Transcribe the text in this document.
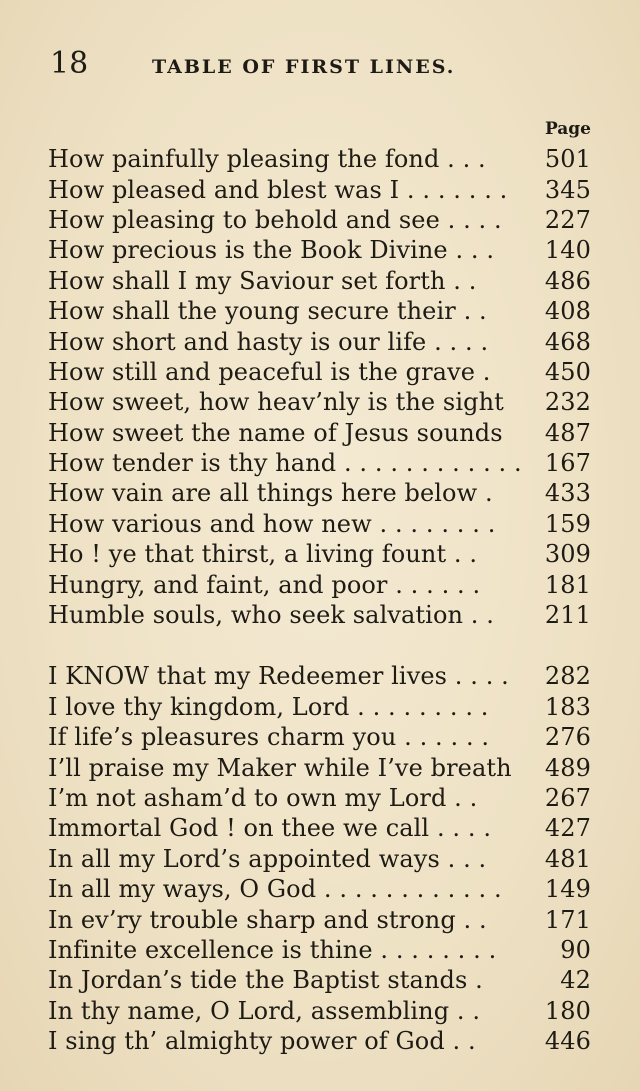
18	TABLE OF FIRST LINES.
Page
How painfully pleasing the fond . . .	501
How pleased and blest was I . . . . . . .	345
How pleasing to behold and see . . . .	227
How precious is the Book Divine . . .	140
How shall I my Saviour set forth . .	486
How shall the young secure their . .	408
How short and hasty is our life . . . .	468
How still and peaceful is the grave .	450
How sweet, how heav’nly is the sight	232
How sweet the name of Jesus sounds	487
How tender is thy hand . . . . . . . . . . . . 167
How vain are all things here below .	433
How various and how new . . . . . . . .	159
Ho ! ye that thirst, a living fount . .	309
Hungry, and faint, and poor . . . . . .	181
Humble souls, who seek salvation . .	211
I KNOW that my Redeemer lives . . . .	282
I love thy kingdom, Lord . . . . . . . . .	183
If life’s pleasures charm you . . . . . .	276
I’ll praise my Maker while I’ve breath	489
I’m not asham’d to own my Lord . .	267
Immortal God ! on thee we call . . . .	427
In all my Lord’s appointed ways . . .	481
In all my ways, O God . . . . . . . . . . . .	149
In ev’ry trouble sharp and strong . .	171
Infinite excellence is thine . . . . . . . .	90
In Jordan’s tide the Baptist stands .	42
In thy name, O Lord, assembling . .	180
I sing th’ almighty power of God . .	446
